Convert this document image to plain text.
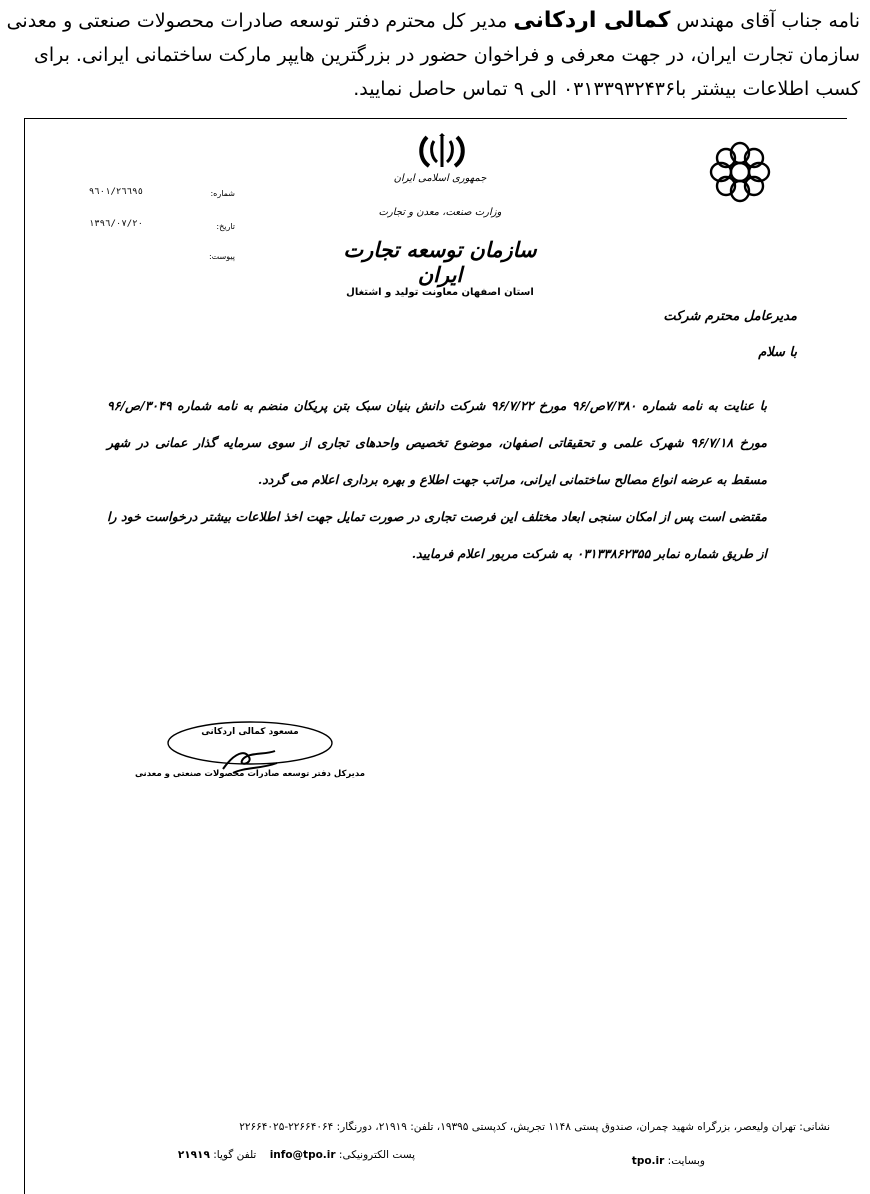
نامه جناب آقای مهندس کمالی اردکانی مدیر کل محترم دفتر توسعه صادرات محصولات صنعتی و معدنی سازمان تجارت ایران، در جهت معرفی و فراخوان حضور در بزرگترین هایپر مارکت ساختمانی ایرانی. برای کسب اطلاعات بیشتر با۰۳۱۳۳۹۳۲۴۳۶ الی ۹ تماس حاصل نمایید.
شماره:
۹٦٠١/٢٦٦٩٥
تاریخ:
١٣٩٦/٠٧/٢٠
پیوست:
جمهوری اسلامی ایران
وزارت صنعت، معدن و تجارت
سازمان توسعه تجارت ایران
استان اصفهان معاونت تولید و اشتغال
مدیرعامل محترم شرکت
با سلام
با عنایت به نامه شماره ۷/۳۸۰ص/۹۶ مورخ ۹۶/۷/۲۲ شرکت دانش بنیان سبک بتن پریکان منضم به نامه شماره ۳۰۴۹/ص/۹۶ مورخ ۹۶/۷/۱۸ شهرک علمی و تحقیقاتی اصفهان، موضوع تخصیص واحدهای تجاری از سوی سرمایه گذار عمانی در شهر مسقط به عرضه انواع مصالح ساختمانی ایرانی، مراتب جهت اطلاع و بهره برداری اعلام می گردد.
مقتضی است پس از امکان سنجی ابعاد مختلف این فرصت تجاری در صورت تمایل جهت اخذ اطلاعات بیشتر درخواست خود را از طریق شماره نمابر ۰۳۱۳۳۸۶۲۳۵۵ به شرکت مربور اعلام فرمایید.
مسعود کمالی اردکانی
مدیرکل دفتر توسعه صادرات محصولات صنعتی و معدنی
نشانی: تهران ولیعصر، بزرگراه شهید چمران، صندوق پستی ۱۱۴۸ تجریش، کدپستی ۱۹۳۹۵، تلفن: ۲۱۹۱۹، دورنگار: ۲۲۶۶۴۰۶۴-۲۲۶۶۴۰۲۵
پست الکترونیکی: info@tpo.ir    تلفن گویا: ۲۱۹۱۹	وبسایت: tpo.ir
